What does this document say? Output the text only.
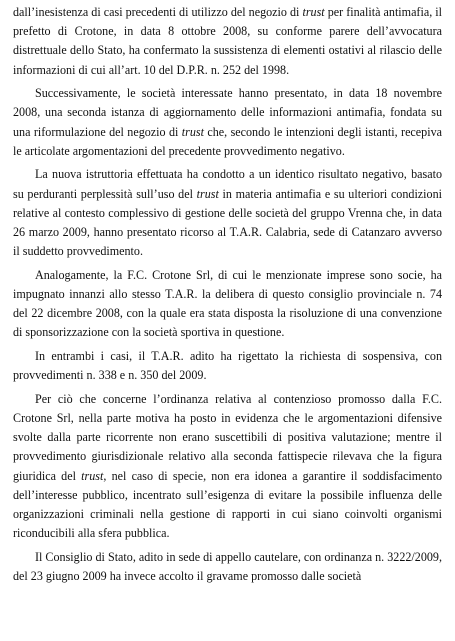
dall’inesistenza di casi precedenti di utilizzo del negozio di trust per finalità antimafia, il prefetto di Crotone, in data 8 ottobre 2008, su conforme parere dell’avvocatura distrettuale dello Stato, ha confermato la sussistenza di elementi ostativi al rilascio delle informazioni di cui all’art. 10 del D.P.R. n. 252 del 1998.

Successivamente, le società interessate hanno presentato, in data 18 novembre 2008, una seconda istanza di aggiornamento delle informazioni antimafia, fondata su una riformulazione del negozio di trust che, secondo le intenzioni degli istanti, recepiva le articolate argomentazioni del precedente provvedimento negativo.

La nuova istruttoria effettuata ha condotto a un identico risultato negativo, basato su perduranti perplessità sull’uso del trust in materia antimafia e su ulteriori condizioni relative al contesto complessivo di gestione delle società del gruppo Vrenna che, in data 26 marzo 2009, hanno presentato ricorso al T.A.R. Calabria, sede di Catanzaro avverso il suddetto provvedimento.

Analogamente, la F.C. Crotone Srl, di cui le menzionate imprese sono socie, ha impugnato innanzi allo stesso T.A.R. la delibera di questo consiglio provinciale n. 74 del 22 dicembre 2008, con la quale era stata disposta la risoluzione di una convenzione di sponsorizzazione con la società sportiva in questione.

In entrambi i casi, il T.A.R. adito ha rigettato la richiesta di sospensiva, con provvedimenti n. 338 e n. 350 del 2009.

Per ciò che concerne l’ordinanza relativa al contenzioso promosso dalla F.C. Crotone Srl, nella parte motiva ha posto in evidenza che le argomentazioni difensive svolte dalla parte ricorrente non erano suscettibili di positiva valutazione; mentre il provvedimento giurisdizionale relativo alla seconda fattispecie rilevava che la figura giuridica del trust, nel caso di specie, non era idonea a garantire il soddisfacimento dell’interesse pubblico, incentrato sull’esigenza di evitare la possibile influenza delle organizzazioni criminali nella gestione di rapporti in cui siano coinvolti organismi riconducibili alla sfera pubblica.

Il Consiglio di Stato, adito in sede di appello cautelare, con ordinanza n. 3222/2009, del 23 giugno 2009 ha invece accolto il gravame promosso dalle società
